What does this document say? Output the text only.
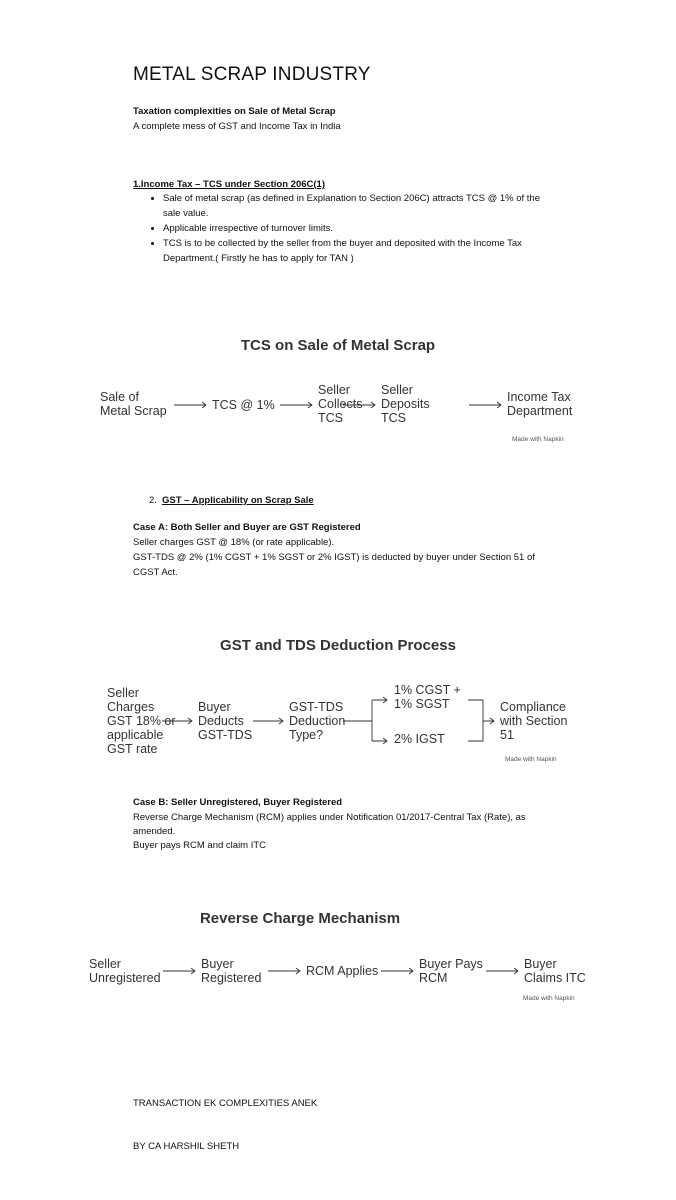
METAL SCRAP INDUSTRY
Taxation complexities on Sale of Metal Scrap
A complete mess of GST and Income Tax in India
1.Income Tax – TCS under Section 206C(1)
• Sale of metal scrap (as defined in Explanation to Section 206C) attracts TCS @ 1% of the sale value.
• Applicable irrespective of turnover limits.
• TCS is to be collected by the seller from the buyer and deposited with the Income Tax Department.( Firstly he has to apply for TAN )
TCS on Sale of Metal Scrap
Sale of Metal Scrap	TCS @ 1%
Seller Collects TCS
Seller Deposits TCS
Income Tax Department
Made with Napkin
2. GST – Applicability on Scrap Sale
Case A: Both Seller and Buyer are GST Registered
Seller charges GST @ 18% (or rate applicable).
GST-TDS @ 2% (1% CGST + 1% SGST or 2% IGST) is deducted by buyer under Section 51 of
CGST Act.
GST and TDS Deduction Process
Seller Charges GST 18% or applicable GST rate
Buyer Deducts GST-TDS
GST-TDS Deduction Type?
1% CGST + 1% SGST
2% IGST
Compliance with Section 51
Made with Napkin
Case B: Seller Unregistered, Buyer Registered
Reverse Charge Mechanism (RCM) applies under Notification 01/2017-Central Tax (Rate), as
amended.
Buyer pays RCM and claim ITC
Reverse Charge Mechanism
Seller Unregistered
Buyer Registered	RCM Applies	Buyer Pays RCM
Buyer Claims ITC
Made with Napkin
TRANSACTION EK COMPLEXITIES ANEK
BY CA HARSHIL SHETH
